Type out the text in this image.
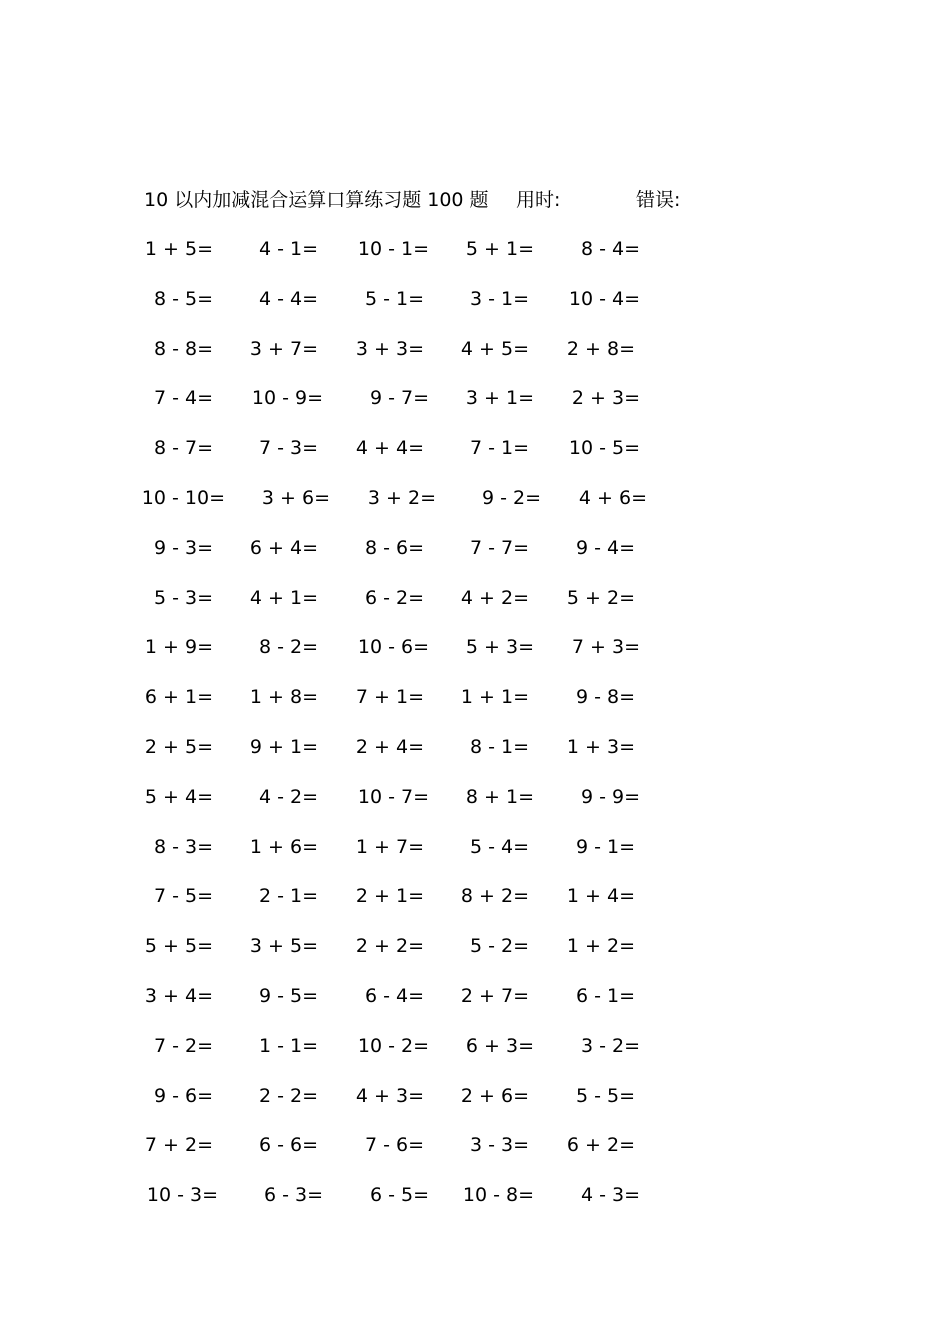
10 以内加减混合运算口算练习题 100 题 用时:	错误:
1 + 5=	4 - 1=	10 - 1=	5 + 1=	8 - 4=
8 - 5=	4 - 4=	5 - 1=	3 - 1=	10 - 4=
8 - 8=	3 + 7=	3 + 3=	4 + 5=	2 + 8=
7 - 4=	10 - 9=	9 - 7=	3 + 1=	2 + 3=
8 - 7=	7 - 3=	4 + 4=	7 - 1=	10 - 5=
10 - 10=	3 + 6=	3 + 2=	9 - 2=	4 + 6=
9 - 3=	6 + 4=	8 - 6=	7 - 7=	9 - 4=
5 - 3=	4 + 1=	6 - 2=	4 + 2=	5 + 2=
1 + 9=	8 - 2=	10 - 6=	5 + 3=	7 + 3=
6 + 1=	1 + 8=	7 + 1=	1 + 1=	9 - 8=
2 + 5=	9 + 1=	2 + 4=	8 - 1=	1 + 3=
5 + 4=	4 - 2=	10 - 7=	8 + 1=	9 - 9=
8 - 3=	1 + 6=	1 + 7=	5 - 4=	9 - 1=
7 - 5=	2 - 1=	2 + 1=	8 + 2=	1 + 4=
5 + 5=	3 + 5=	2 + 2=	5 - 2=	1 + 2=
3 + 4=	9 - 5=	6 - 4=	2 + 7=	6 - 1=
7 - 2=	1 - 1=	10 - 2=	6 + 3=	3 - 2=
9 - 6=	2 - 2=	4 + 3=	2 + 6=	5 - 5=
7 + 2=	6 - 6=	7 - 6=	3 - 3=	6 + 2=
10 - 3=	6 - 3=	6 - 5=	10 - 8=	4 - 3=
